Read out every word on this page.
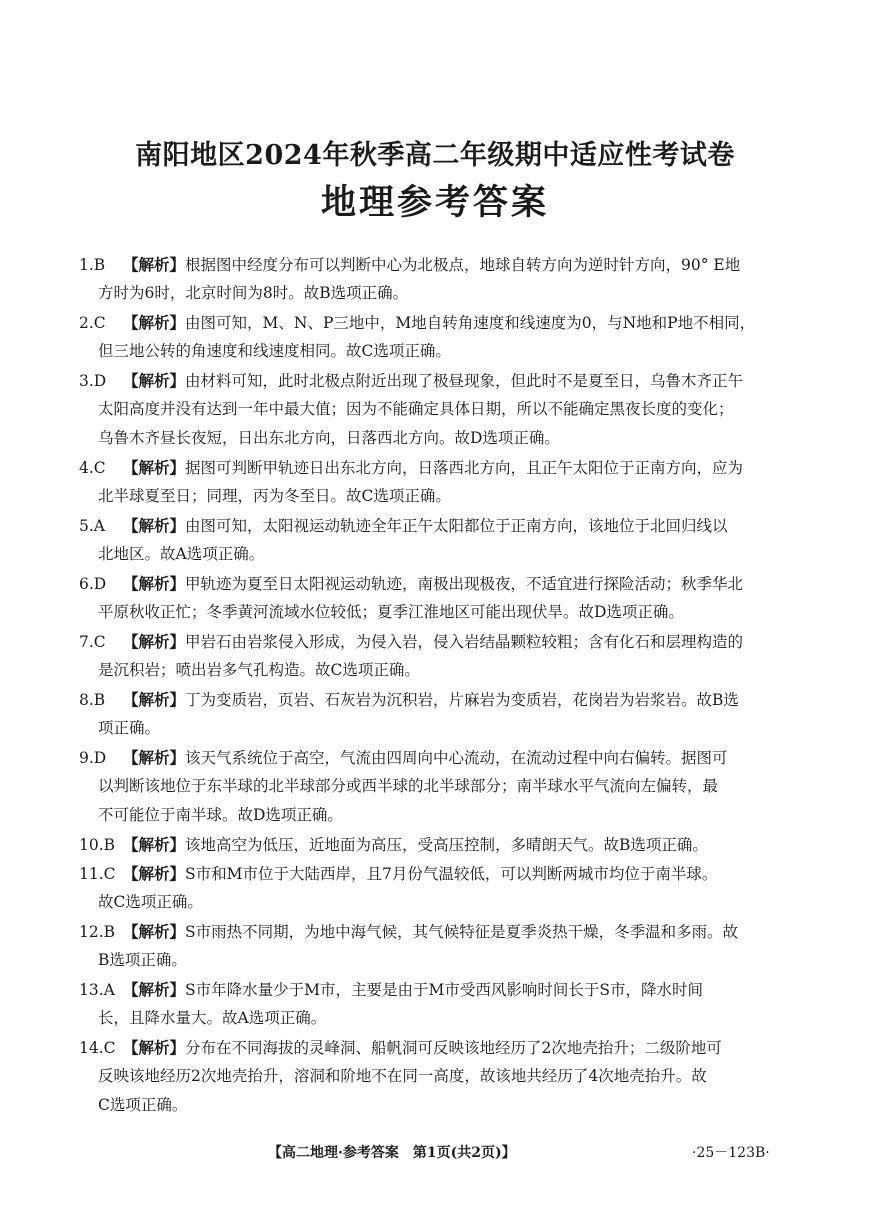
南阳地区2024年秋季高二年级期中适应性考试卷
地理参考答案
1.B 【解析】根据图中经度分布可以判断中心为北极点，地球自转方向为逆时针方向，90° E地
方时为6时，北京时间为8时。故B选项正确。
2.C 【解析】由图可知，M、N、P三地中，M地自转角速度和线速度为0，与N地和P地不相同，
但三地公转的角速度和线速度相同。故C选项正确。
3.D 【解析】由材料可知，此时北极点附近出现了极昼现象，但此时不是夏至日，乌鲁木齐正午
太阳高度并没有达到一年中最大值；因为不能确定具体日期，所以不能确定黑夜长度的变化；
乌鲁木齐昼长夜短，日出东北方向，日落西北方向。故D选项正确。
4.C 【解析】据图可判断甲轨迹日出东北方向，日落西北方向，且正午太阳位于正南方向，应为
北半球夏至日；同理，丙为冬至日。故C选项正确。
5.A 【解析】由图可知，太阳视运动轨迹全年正午太阳都位于正南方向，该地位于北回归线以
北地区。故A选项正确。
6.D 【解析】甲轨迹为夏至日太阳视运动轨迹，南极出现极夜，不适宜进行探险活动；秋季华北
平原秋收正忙；冬季黄河流域水位较低；夏季江淮地区可能出现伏旱。故D选项正确。
7.C 【解析】甲岩石由岩浆侵入形成，为侵入岩，侵入岩结晶颗粒较粗；含有化石和层理构造的
是沉积岩；喷出岩多气孔构造。故C选项正确。
8.B 【解析】丁为变质岩，页岩、石灰岩为沉积岩，片麻岩为变质岩，花岗岩为岩浆岩。故B选
项正确。
9.D 【解析】该天气系统位于高空，气流由四周向中心流动，在流动过程中向右偏转。据图可
以判断该地位于东半球的北半球部分或西半球的北半球部分；南半球水平气流向左偏转，最
不可能位于南半球。故D选项正确。
10.B 【解析】该地高空为低压，近地面为高压，受高压控制，多晴朗天气。故B选项正确。
11.C 【解析】S市和M市位于大陆西岸，且7月份气温较低，可以判断两城市均位于南半球。
故C选项正确。
12.B 【解析】S市雨热不同期，为地中海气候，其气候特征是夏季炎热干燥，冬季温和多雨。故
B选项正确。
13.A 【解析】S市年降水量少于M市，主要是由于M市受西风影响时间长于S市，降水时间
长，且降水量大。故A选项正确。
14.C 【解析】分布在不同海拔的灵峰洞、船帆洞可反映该地经历了2次地壳抬升；二级阶地可
反映该地经历2次地壳抬升，溶洞和阶地不在同一高度，故该地共经历了4次地壳抬升。故
C选项正确。
【高二地理·参考答案　第1页(共2页)】	·25－123B·
